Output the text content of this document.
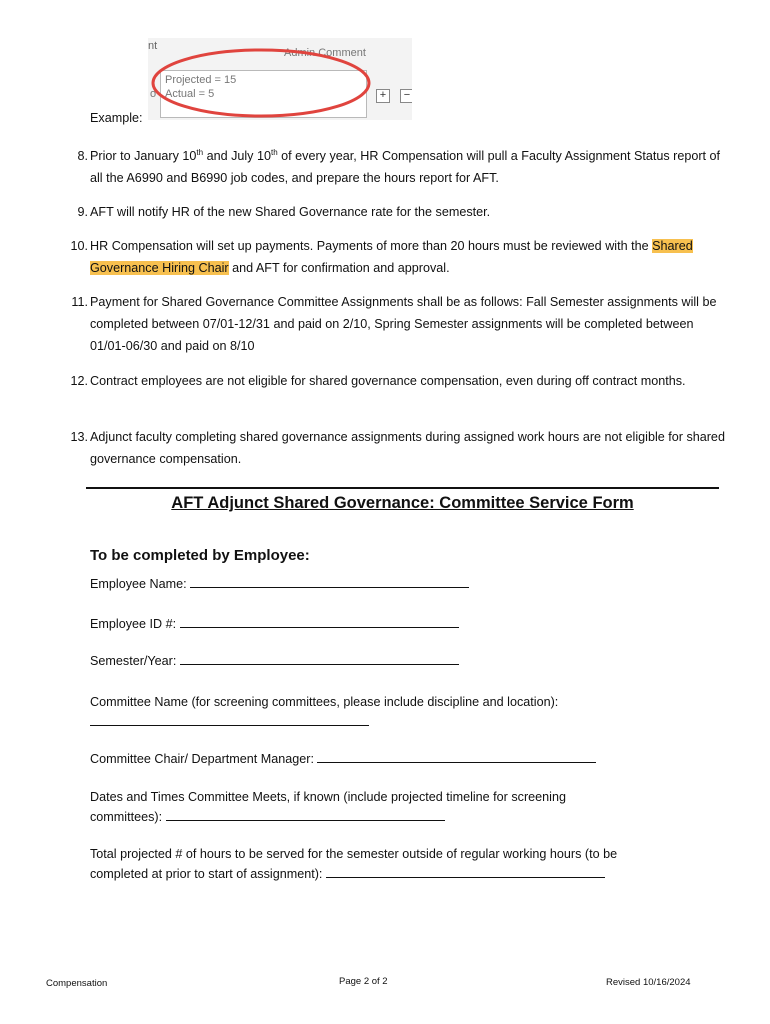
nt
Admin Comment
o
Projected = 15
Actual = 5	+	−
Example:
8. Prior to January 10th and July 10th of every year, HR Compensation will pull a Faculty Assignment Status report of all the A6990 and B6990 job codes, and prepare the hours report for AFT.
9. AFT will notify HR of the new Shared Governance rate for the semester.
10. HR Compensation will set up payments. Payments of more than 20 hours must be reviewed with the Shared Governance Hiring Chair and AFT for confirmation and approval.
11. Payment for Shared Governance Committee Assignments shall be as follows: Fall Semester assignments will be completed between 07/01-12/31 and paid on 2/10, Spring Semester assignments will be completed between 01/01-06/30 and paid on 8/10
12. Contract employees are not eligible for shared governance compensation, even during off contract months.
13. Adjunct faculty completing shared governance assignments during assigned work hours are not eligible for shared governance compensation.
AFT Adjunct Shared Governance: Committee Service Form
To be completed by Employee:
Employee Name:
Employee ID #:
Semester/Year:
Committee Name (for screening committees, please include discipline and location):

Committee Chair/ Department Manager:
Dates and Times Committee Meets, if known (include projected timeline for screening
committees):
Total projected # of hours to be served for the semester outside of regular working hours (to be
completed at prior to start of assignment):
Compensation	Page 2 of 2	Revised 10/16/2024
